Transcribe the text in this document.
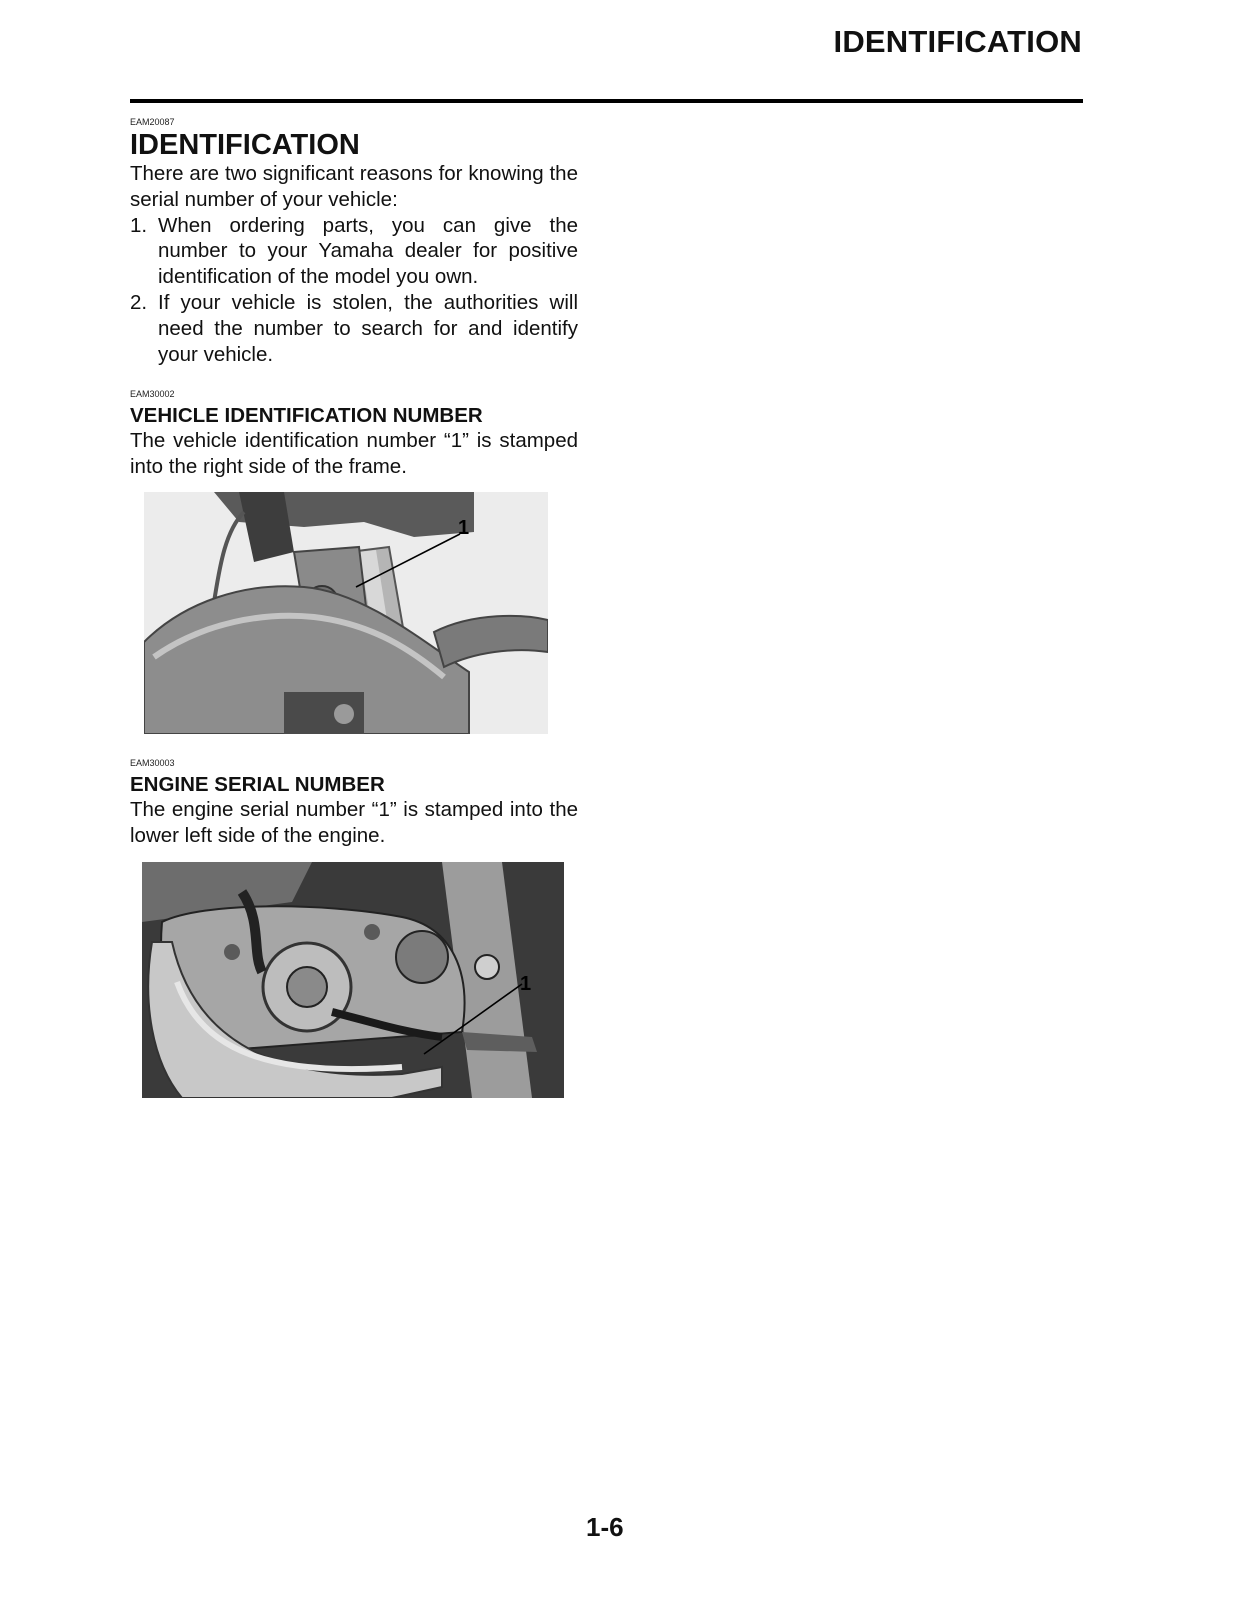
IDENTIFICATION
EAM20087
IDENTIFICATION

There are two significant reasons for knowing the serial number of your vehicle:

1. When ordering parts, you can give the number to your Yamaha dealer for positive identification of the model you own.
2. If your vehicle is stolen, the authorities will need the number to search for and identify your vehicle.
EAM30002
VEHICLE IDENTIFICATION NUMBER

The vehicle identification number “1” is stamped into the right side of the frame.

1
EAM30003
ENGINE SERIAL NUMBER

The engine serial number “1” is stamped into the lower left side of the engine.

1
1-6
